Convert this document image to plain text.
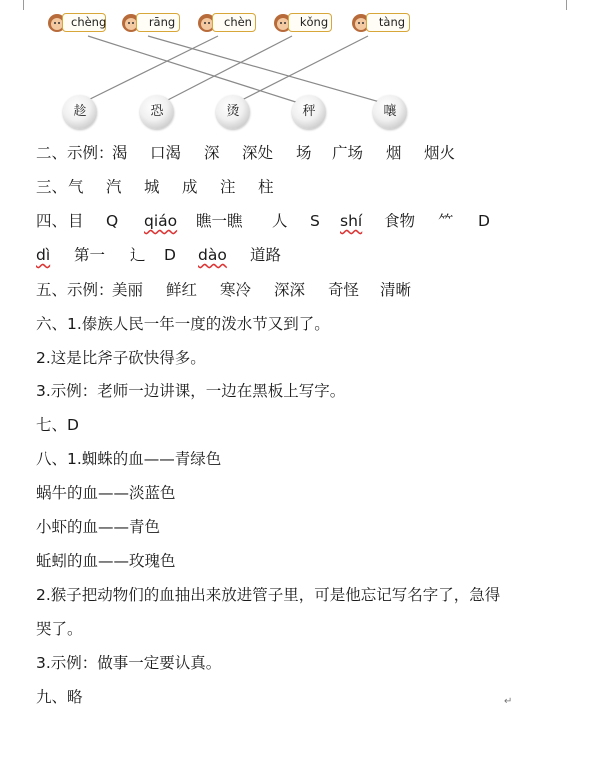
chèng	rāng	chèn	kǒng	tàng
趁	恐	烫	秤	嚷
二、示例：
渴 口渴 深 深处 场 广场 烟 烟火
三、 气 汽 城 成 注 柱
四、 目 Q qiáo 瞧一瞧 人 S shí 食物 ⺮ D
dì 第一 辶 D dào 道路
五、示例：
美丽 鲜红 寒冷 深深 奇怪 清晰
六、1.傣族人民一年一度的泼水节又到了。
2.这是比斧子砍快得多。
3.示例：老师一边讲课，一边在黑板上写字。
七、D
八、1.蜘蛛的血——青绿色
蜗牛的血——淡蓝色
小虾的血——青色
蚯蚓的血——玫瑰色
2.猴子把动物们的血抽出来放进管子里，可是他忘记写名字了，急得
哭了。
3.示例：做事一定要认真。
九、略	↵
